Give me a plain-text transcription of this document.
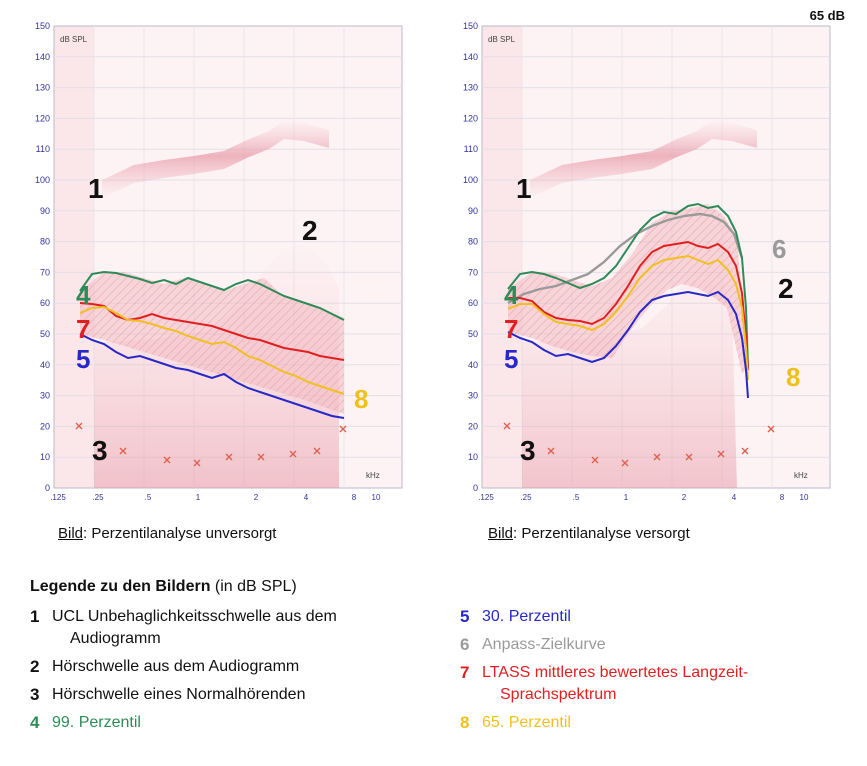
65 dB
150
140
130
120
110
100
90
80
70
60
50
40
30
20
10
0
dB SPL
.125	.25	.5	1	2	4	8 10
kHz
1
2
3
4
5
7
8
150
140
130
120
110
100
90
80
70
60
50
40
30
20
10
0
dB SPL
.125	.25	.5	1	2	4	8 10
kHz
1
2
3
4
5
6
7
8
Bild: Perzentilanalyse unversorgt	Bild: Perzentilanalyse versorgt
Legende zu den Bildern (in dB SPL)
1 UCL Unbehaglichkeitsschwelle aus dem
Audiogramm
2 Hörschwelle aus dem Audiogramm
3 Hörschwelle eines Normalhörenden
4 99. Perzentil
5 30. Perzentil
6 Anpass-Zielkurve
7 LTASS mittleres bewertetes Langzeit-
Sprachspektrum
8 65. Perzentil
